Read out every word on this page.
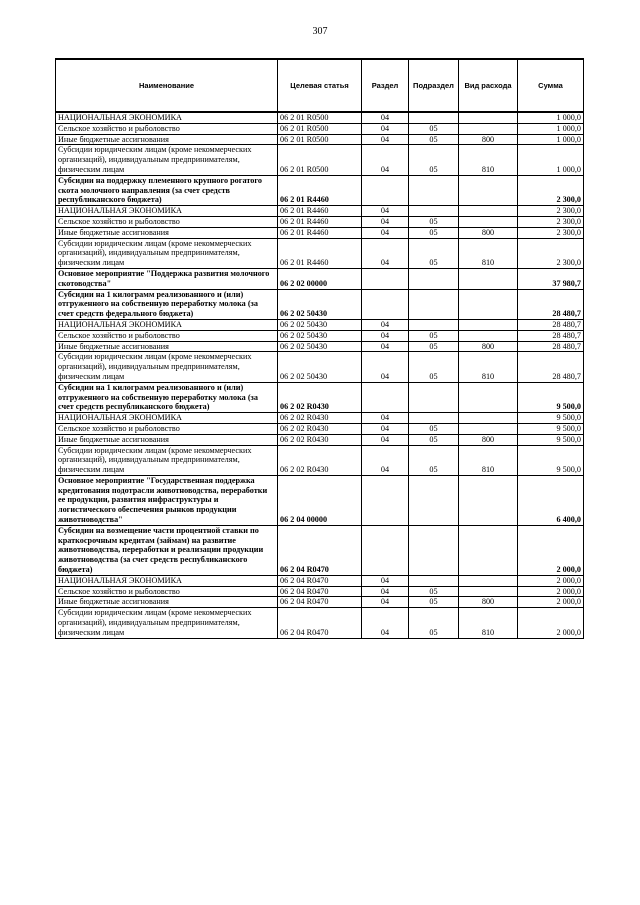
307
Наименование	Целевая статья	Раздел	Подраздел	Вид расхода	Сумма
НАЦИОНАЛЬНАЯ ЭКОНОМИКА	06 2 01 R0500	04			1 000,0
Сельское хозяйство и рыболовство	06 2 01 R0500	04	05		1 000,0
Иные бюджетные ассигнования	06 2 01 R0500	04	05	800	1 000,0
Субсидии юридическим лицам (кроме некоммерческих организаций), индивидуальным предпринимателям, физическим лицам	06 2 01 R0500	04	05	810	1 000,0
Субсидии на поддержку племенного крупного рогатого скота молочного направления (за счет средств республиканского бюджета)	06 2 01 R4460				2 300,0
НАЦИОНАЛЬНАЯ ЭКОНОМИКА	06 2 01 R4460	04			2 300,0
Сельское хозяйство и рыболовство	06 2 01 R4460	04	05		2 300,0
Иные бюджетные ассигнования	06 2 01 R4460	04	05	800	2 300,0
Субсидии юридическим лицам (кроме некоммерческих организаций), индивидуальным предпринимателям, физическим лицам	06 2 01 R4460	04	05	810	2 300,0
Основное мероприятие "Поддержка развития молочного скотоводства"	06 2 02 00000				37 980,7
Субсидии на 1 килограмм реализованного и (или) отгруженного на собственную переработку молока (за счет средств федерального бюджета)	06 2 02 50430				28 480,7
НАЦИОНАЛЬНАЯ ЭКОНОМИКА	06 2 02 50430	04			28 480,7
Сельское хозяйство и рыболовство	06 2 02 50430	04	05		28 480,7
Иные бюджетные ассигнования	06 2 02 50430	04	05	800	28 480,7
Субсидии юридическим лицам (кроме некоммерческих организаций), индивидуальным предпринимателям, физическим лицам	06 2 02 50430	04	05	810	28 480,7
Субсидии на 1 килограмм реализованного и (или) отгруженного на собственную переработку молока (за счет средств республиканского бюджета)	06 2 02 R0430				9 500,0
НАЦИОНАЛЬНАЯ ЭКОНОМИКА	06 2 02 R0430	04			9 500,0
Сельское хозяйство и рыболовство	06 2 02 R0430	04	05		9 500,0
Иные бюджетные ассигнования	06 2 02 R0430	04	05	800	9 500,0
Субсидии юридическим лицам (кроме некоммерческих организаций), индивидуальным предпринимателям, физическим лицам	06 2 02 R0430	04	05	810	9 500,0
Основное мероприятие "Государственная поддержка кредитования подотрасли животноводства, переработки ее продукции, развития инфраструктуры и логистического обеспечения рынков продукции животноводства"	06 2 04 00000				6 400,0
Субсидии на возмещение части процентной ставки по краткосрочным кредитам (займам) на развитие животноводства, переработки и реализации продукции животноводства (за счет средств республиканского бюджета)	06 2 04 R0470				2 000,0
НАЦИОНАЛЬНАЯ ЭКОНОМИКА	06 2 04 R0470	04			2 000,0
Сельское хозяйство и рыболовство	06 2 04 R0470	04	05		2 000,0
Иные бюджетные ассигнования	06 2 04 R0470	04	05	800	2 000,0
Субсидии юридическим лицам (кроме некоммерческих организаций), индивидуальным предпринимателям, физическим лицам	06 2 04 R0470	04	05	810	2 000,0
